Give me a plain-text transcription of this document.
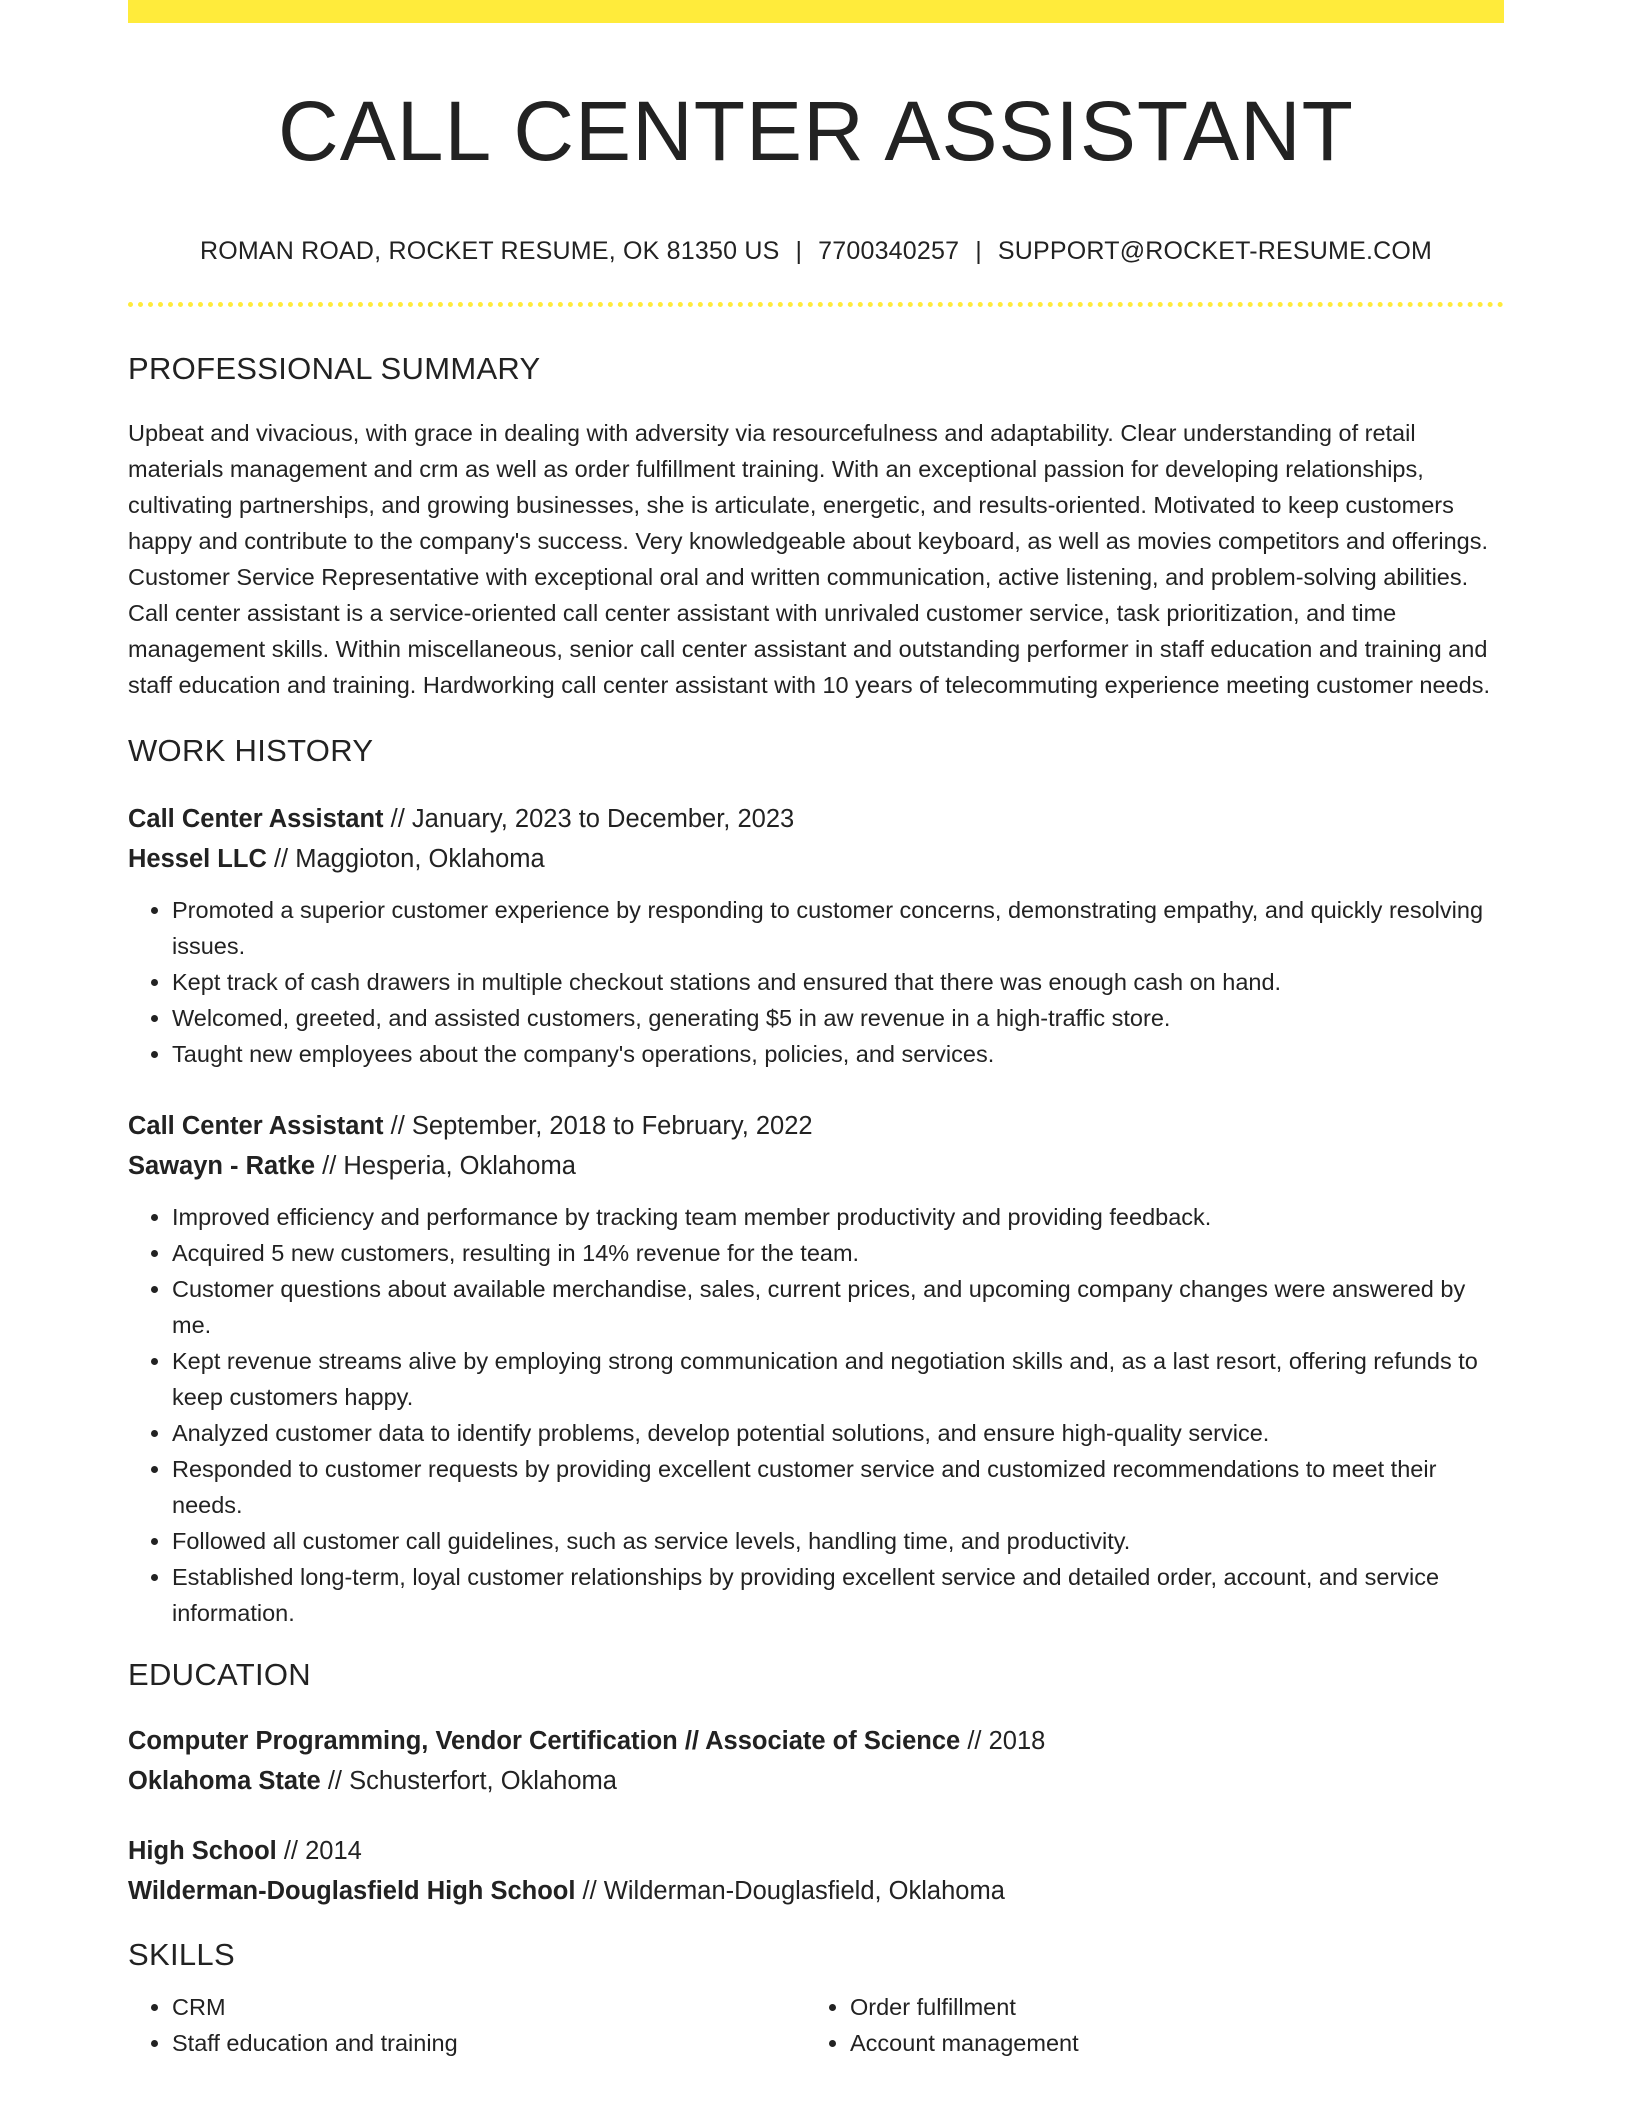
CALL CENTER ASSISTANT
ROMAN ROAD, ROCKET RESUME, OK 81350 US | 7700340257 | SUPPORT@ROCKET-RESUME.COM
PROFESSIONAL SUMMARY

Upbeat and vivacious, with grace in dealing with adversity via resourcefulness and adaptability. Clear understanding of retail materials management and crm as well as order fulfillment training. With an exceptional passion for developing relationships, cultivating partnerships, and growing businesses, she is articulate, energetic, and results-oriented. Motivated to keep customers happy and contribute to the company's success. Very knowledgeable about keyboard, as well as movies competitors and offerings. Customer Service Representative with exceptional oral and written communication, active listening, and problem-solving abilities. Call center assistant is a service-oriented call center assistant with unrivaled customer service, task prioritization, and time management skills. Within miscellaneous, senior call center assistant and outstanding performer in staff education and training and staff education and training. Hardworking call center assistant with 10 years of telecommuting experience meeting customer needs.

WORK HISTORY
Call Center Assistant // January, 2023 to December, 2023
Hessel LLC // Maggioton, Oklahoma
• Promoted a superior customer experience by responding to customer concerns, demonstrating empathy, and quickly resolving issues.
• Kept track of cash drawers in multiple checkout stations and ensured that there was enough cash on hand.
• Welcomed, greeted, and assisted customers, generating $5 in aw revenue in a high-traffic store.
• Taught new employees about the company's operations, policies, and services.
Call Center Assistant // September, 2018 to February, 2022
Sawayn - Ratke // Hesperia, Oklahoma
• Improved efficiency and performance by tracking team member productivity and providing feedback.
• Acquired 5 new customers, resulting in 14% revenue for the team.
• Customer questions about available merchandise, sales, current prices, and upcoming company changes were answered by me.
• Kept revenue streams alive by employing strong communication and negotiation skills and, as a last resort, offering refunds to keep customers happy.
• Analyzed customer data to identify problems, develop potential solutions, and ensure high-quality service.
• Responded to customer requests by providing excellent customer service and customized recommendations to meet their needs.
• Followed all customer call guidelines, such as service levels, handling time, and productivity.
• Established long-term, loyal customer relationships by providing excellent service and detailed order, account, and service information.
EDUCATION
Computer Programming, Vendor Certification // Associate of Science // 2018
Oklahoma State // Schusterfort, Oklahoma
High School // 2014
Wilderman-Douglasfield High School // Wilderman-Douglasfield, Oklahoma
SKILLS
• CRM
• Staff education and training
• Order fulfillment
• Account management
